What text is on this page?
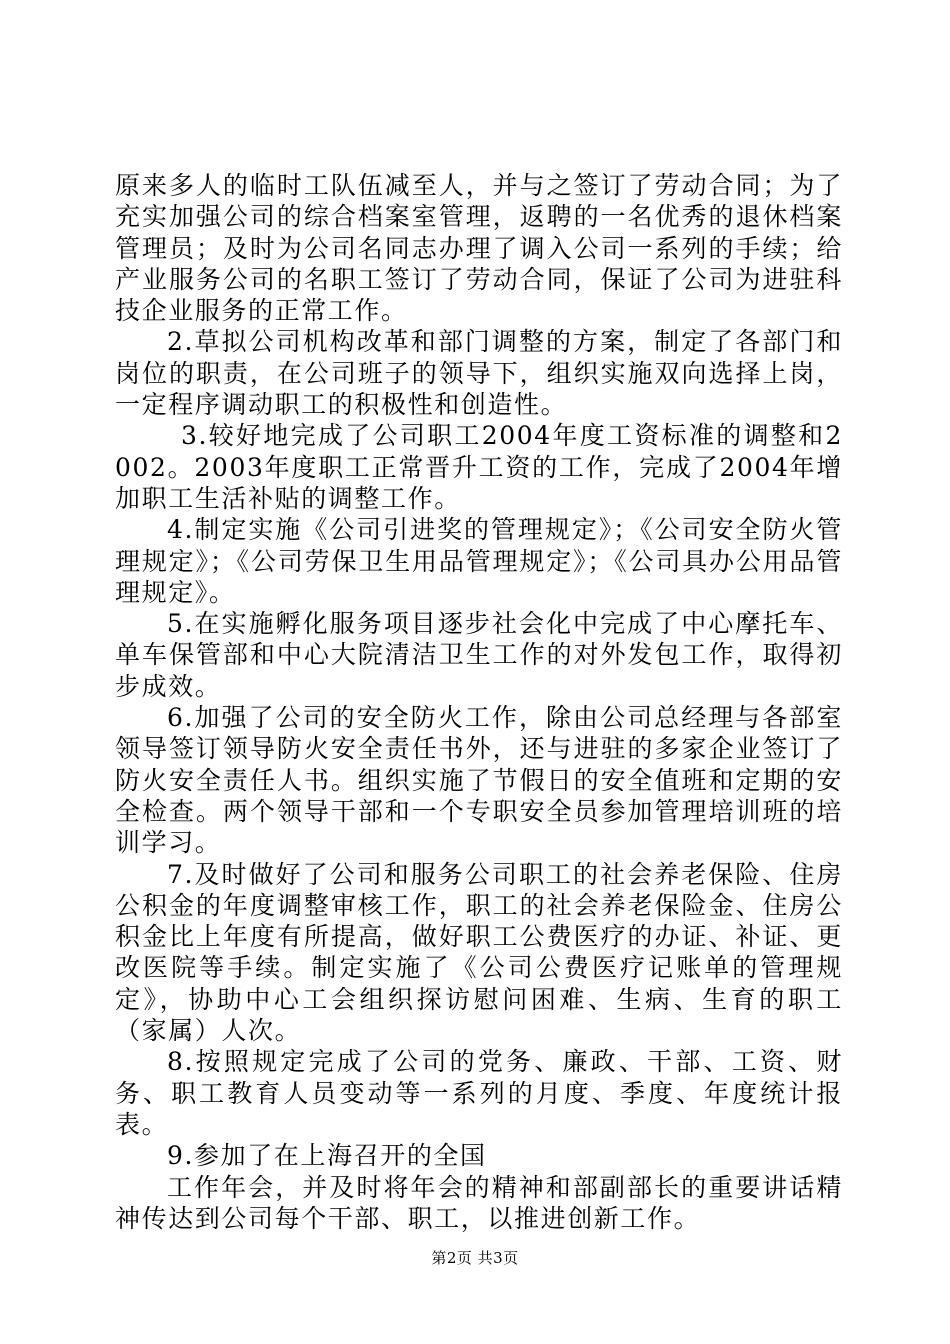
原来多人的临时工队伍减至人，并与之签订了劳动合同；为了充实加强公司的综合档案室管理，返聘的一名优秀的退休档案管理员；及时为公司名同志办理了调入公司一系列的手续；给产业服务公司的名职工签订了劳动合同，保证了公司为进驻科技企业服务的正常工作。

2.草拟公司机构改革和部门调整的方案，制定了各部门和岗位的职责，在公司班子的领导下，组织实施双向选择上岗，一定程序调动职工的积极性和创造性。

3.较好地完成了公司职工2004年度工资标准的调整和2002。2003年度职工正常晋升工资的工作，完成了2004年增加职工生活补贴的调整工作。

4.制定实施《公司引进奖的管理规定》；《公司安全防火管理规定》；《公司劳保卫生用品管理规定》；《公司具办公用品管理规定》。

5.在实施孵化服务项目逐步社会化中完成了中心摩托车、单车保管部和中心大院清洁卫生工作的对外发包工作，取得初步成效。

6.加强了公司的安全防火工作，除由公司总经理与各部室领导签订领导防火安全责任书外，还与进驻的多家企业签订了防火安全责任人书。组织实施了节假日的安全值班和定期的安全检查。两个领导干部和一个专职安全员参加管理培训班的培训学习。

7.及时做好了公司和服务公司职工的社会养老保险、住房公积金的年度调整审核工作，职工的社会养老保险金、住房公积金比上年度有所提高，做好职工公费医疗的办证、补证、更改医院等手续。制定实施了《公司公费医疗记账单的管理规定》，协助中心工会组织探访慰问困难、生病、生育的职工（家属）人次。

8.按照规定完成了公司的党务、廉政、干部、工资、财务、职工教育人员变动等一系列的月度、季度、年度统计报表。

9.参加了在上海召开的全国

工作年会，并及时将年会的精神和部副部长的重要讲话精神传达到公司每个干部、职工，以推进创新工作。

第2页 共3页
